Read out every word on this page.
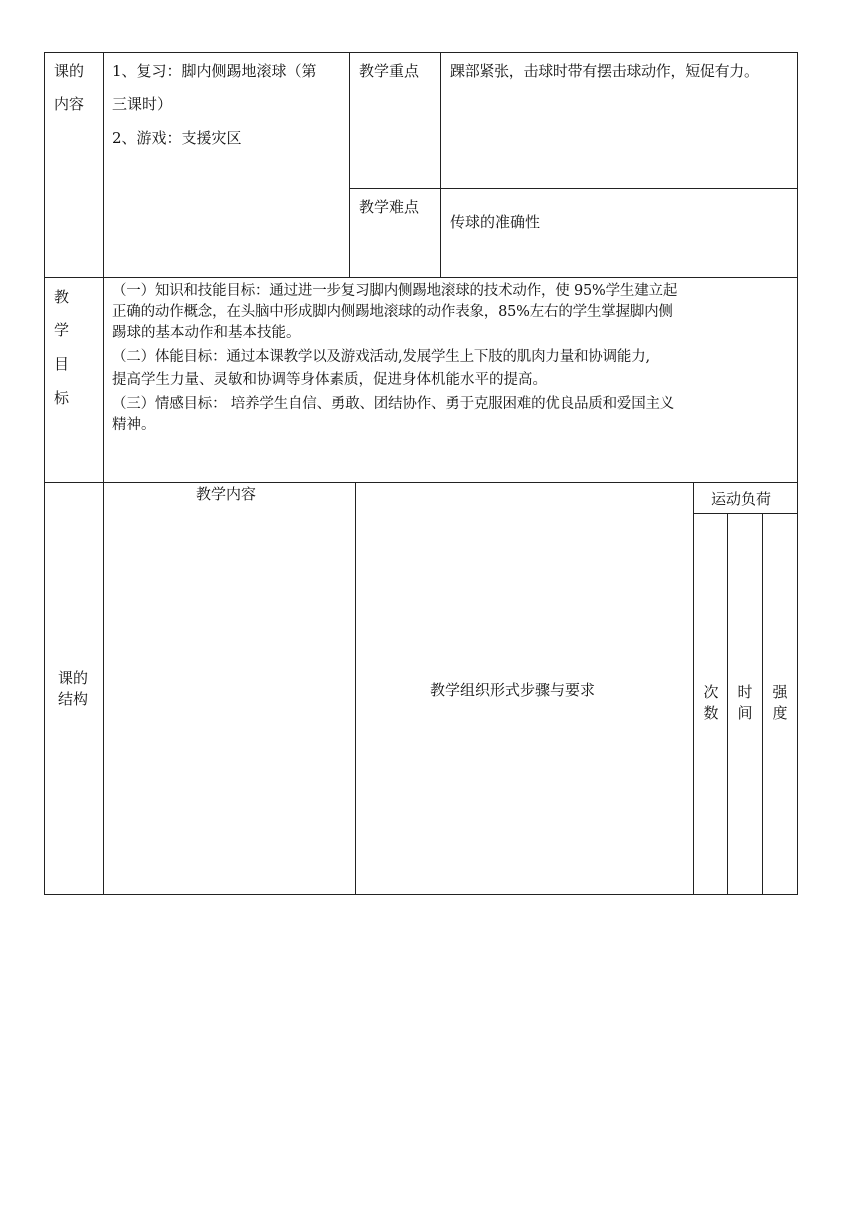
课的
内容
1、复习：脚内侧踢地滚球（第
三课时）
2、游戏：支援灾区
教学重点 踝部紧张，击球时带有摆击球动作，短促有力。
教学难点
传球的准确性
教
学
目
标
（一）知识和技能目标：通过进一步复习脚内侧踢地滚球的技术动作，使 95%学生建立起
正确的动作概念，在头脑中形成脚内侧踢地滚球的动作表象，85%左右的学生掌握脚内侧
踢球的基本动作和基本技能。
（二）体能目标：通过本课教学以及游戏活动,发展学生上下肢的肌肉力量和协调能力,
提高学生力量、灵敏和协调等身体素质，促进身体机能水平的提高。
（三）情感目标： 培养学生自信、勇敢、团结协作、勇于克服困难的优良品质和爱国主义
精神。
课的
结构
教学内容
教学组织形式步骤与要求
运动负荷
次
数
时
间
强
度
